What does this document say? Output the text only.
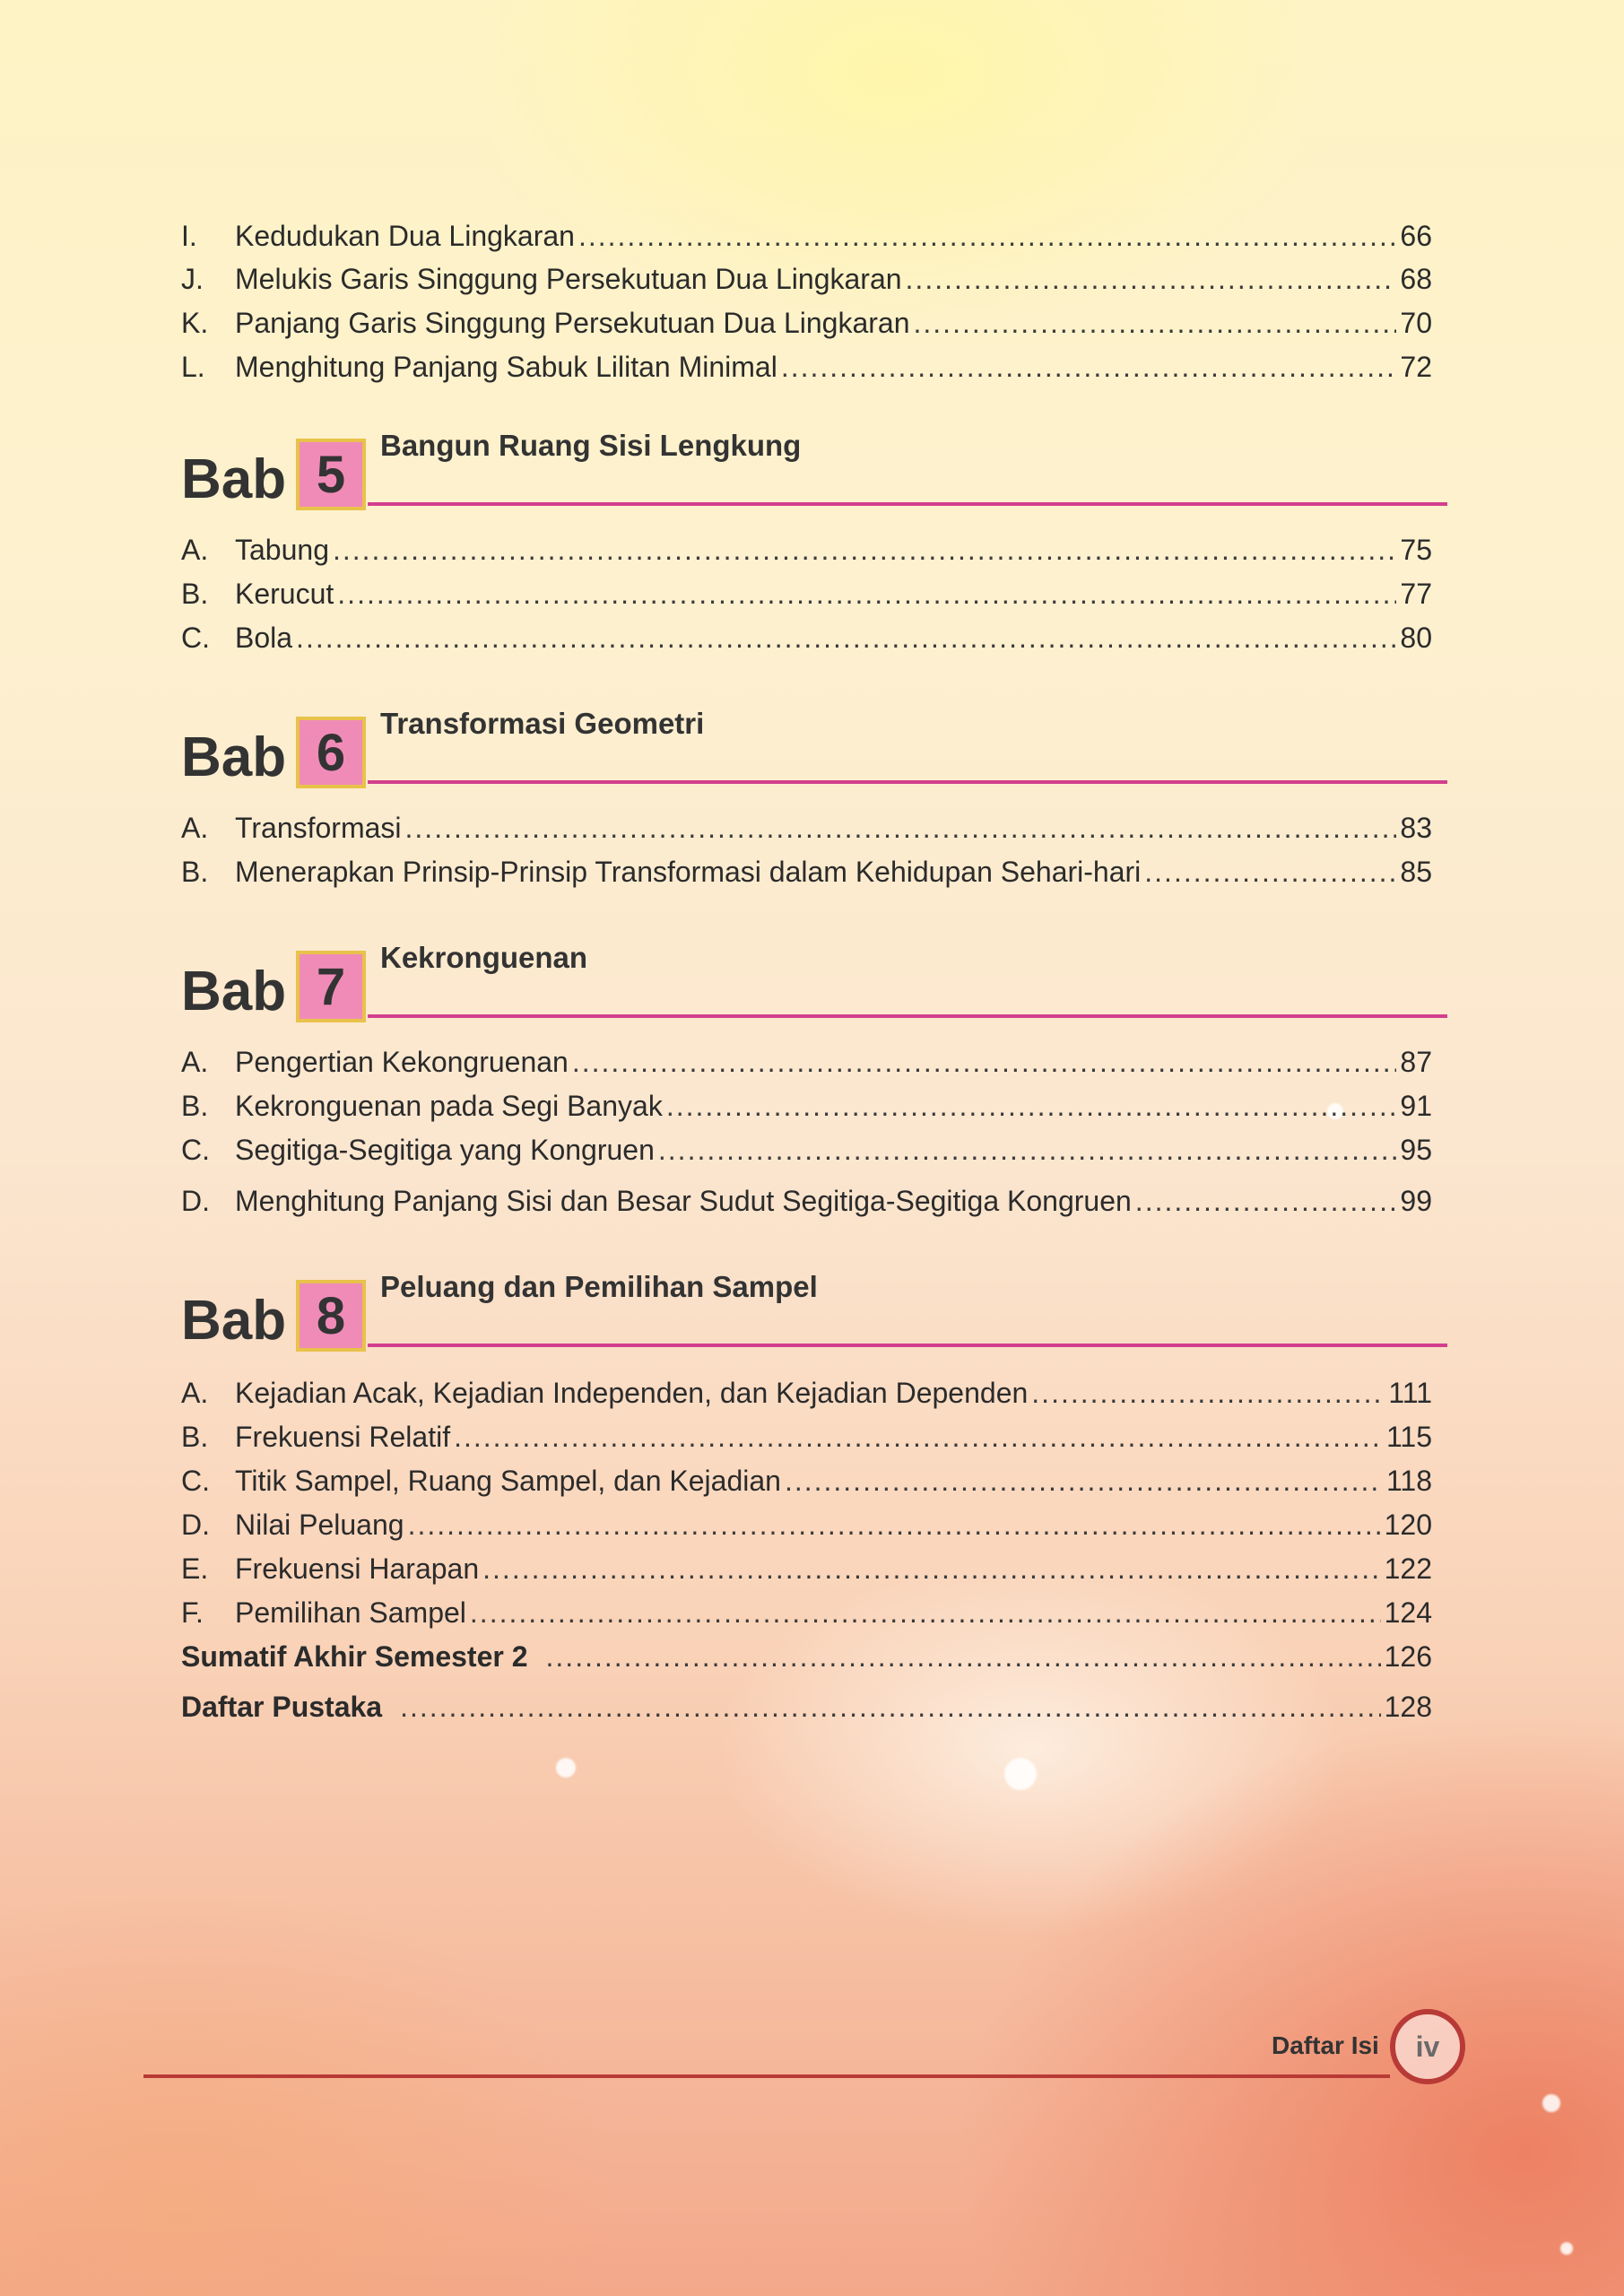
I.	Kedudukan Dua Lingkaran .....	66
J.	Melukis Garis Singgung Persekutuan Dua Lingkaran .....	68
K. Panjang Garis Singgung Persekutuan Dua Lingkaran .....	70
L.	Menghitung Panjang Sabuk Lilitan Minimal .....	72
Bab 5	Bangun Ruang Sisi Lengkung
A. Tabung .....	75
B. Kerucut .....	77
C. Bola .....	80
Bab 6	Transformasi Geometri
A. Transformasi .....	83
B. Menerapkan Prinsip-Prinsip Transformasi dalam Kehidupan Sehari-hari .....	85
Bab 7	Kekronguenan
A. Pengertian Kekongruenan .....	87
B. Kekronguenan pada Segi Banyak .....	91
C. Segitiga-Segitiga yang Kongruen .....	95
D. Menghitung Panjang Sisi dan Besar Sudut Segitiga-Segitiga Kongruen .....	99
Bab 8	Peluang dan Pemilihan Sampel
A. Kejadian Acak, Kejadian Independen, dan Kejadian Dependen .....	111
B. Frekuensi Relatif .....	115
C. Titik Sampel, Ruang Sampel, dan Kejadian .....	118
D. Nilai Peluang .....	120
E. Frekuensi Harapan .....	122
F.	Pemilihan Sampel .....	124
Sumatif Akhir Semester 2 .....	126
Daftar Pustaka .....	128
Daftar Isi	iv
